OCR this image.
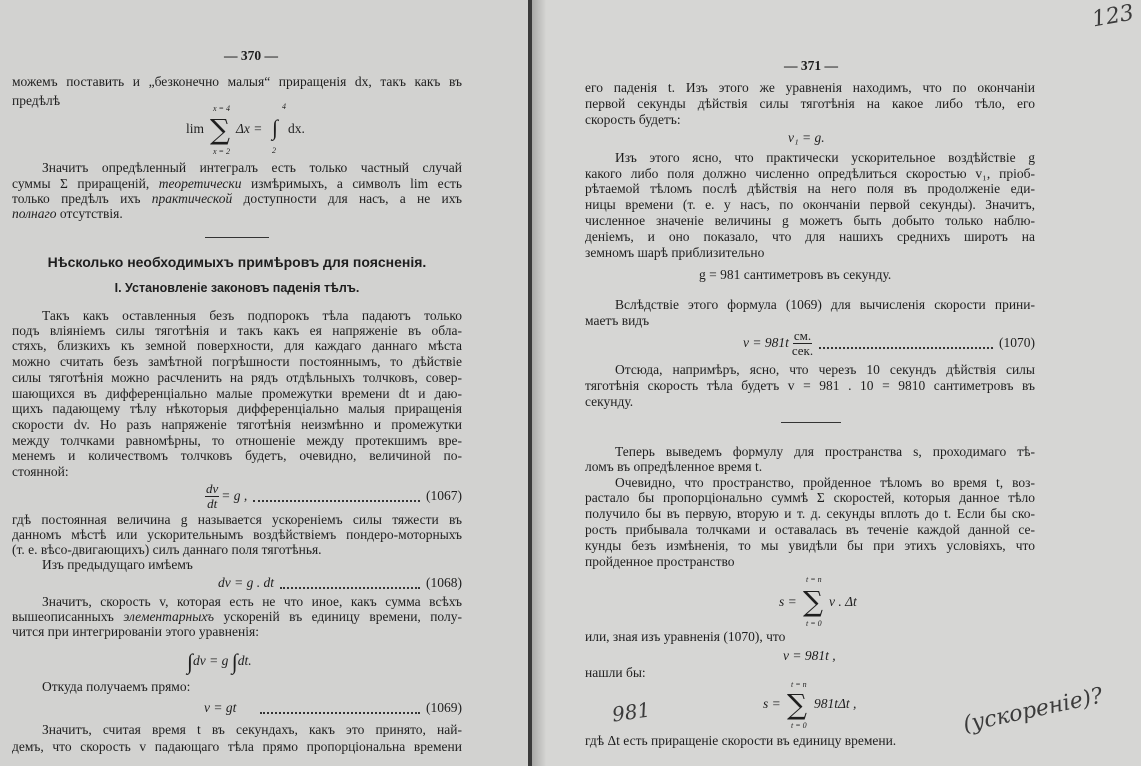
— 370 —
можемъ поставить и „безконечно малыя“ приращенія dx, такъ какъ въ
предѣлѣ
lim
x = 4
∑
x = 2
Δx =
4
∫
2
dx.
Значитъ опредѣленный интегралъ есть только частный случай
суммы Σ приращеній, теоретически измѣримыхъ, а символъ lim есть
только предѣлъ ихъ практической доступности для насъ, а не ихъ
полнаго отсутствія.
Нѣсколько необходимыхъ примѣровъ для поясненія.
I. Установленіе законовъ паденія тѣлъ.
Такъ какъ оставленныя безъ подпорокъ тѣла падаютъ только
подъ вліяніемъ силы тяготѣнія и такъ какъ ея напряженіе въ обла-
стяхъ, близкихъ къ земной поверхности, для каждаго даннаго мѣста
можно считать безъ замѣтной погрѣшности постояннымъ, то дѣйствіе
силы тяготѣнія можно расчленить на рядъ отдѣльныхъ толчковъ, совер-
шающихся въ дифференціально малые промежутки времени dt и даю-
щихъ падающему тѣлу нѣкоторыя дифференціально малыя приращенія
скорости dv. Но разъ напряженіе тяготѣнія неизмѣнно и промежутки
между толчками равномѣрны, то отношеніе между протекшимъ вре-
менемъ и количествомъ толчковъ будетъ, очевидно, величиной по-
стоянной:
$\frac{dv}{dt} = g$ ,	(1067)
гдѣ постоянная величина g называется ускореніемъ силы тяжести въ
данномъ мѣстѣ или ускорительнымъ воздѣйствіемъ пондеро-моторныхъ
(т. е. вѣсо-двигающихъ) силъ даннаго поля тяготѣнья.
Изъ предыдущаго имѣемъ
dv = g . dt	(1068)
Значитъ, скорость v, которая есть не что иное, какъ сумма всѣхъ
вышеописанныхъ элементарныхъ ускореній въ единицу времени, полу-
чится при интегрированіи этого уравненія:
∫dv = g ∫dt.
Откуда получаемъ прямо:
v = gt	(1069)
Значитъ, считая время t въ секундахъ, какъ это принято, най-
демъ, что скорость v падающаго тѣла прямо пропорціональна времени
— 371 —
его паденія t. Изъ этого же уравненія находимъ, что по окончаніи
первой секунды дѣйствія силы тяготѣнія на какое либо тѣло, его
скорость будетъ:
v₁ = g.
Изъ этого ясно, что практически ускорительное воздѣйствіе g
какого либо поля должно численно опредѣлиться скоростью v₁, пріоб-
рѣтаемой тѣломъ послѣ дѣйствія на него поля въ продолженіе еди-
ницы времени (т. е. у насъ, по окончаніи первой секунды). Значитъ,
численное значеніе величины g можетъ быть добыто только наблю-
деніемъ, и оно показало, что для нашихъ среднихъ широтъ на
земномъ шарѣ приблизительно
g = 981 сантиметровъ въ секунду.
Вслѣдствіе этого формула (1069) для вычисленія скорости прини-
маетъ видъ
$v = 981t \frac{см.}{\text{сек.}}$	(1070)
Отсюда, напримѣръ, ясно, что черезъ 10 секундъ дѣйствія силы
тяготѣнія скорость тѣла будетъ v = 981 . 10 = 9810 сантиметровъ въ
секунду.
Теперь выведемъ формулу для пространства s, проходимаго тѣ-
ломъ въ опредѣленное время t.
Очевидно, что пространство, пройденное тѣломъ во время t, воз-
растало бы пропорціонально суммѣ Σ скоростей, которыя данное тѣло
получило бы въ первую, вторую и т. д. секунды вплоть до t. Если бы ско-
рость прибывала толчками и оставалась въ теченіе каждой данной се-
кунды безъ измѣненія, то мы увидѣли бы при этихъ условіяхъ, что
пройденное пространство
s =
t = n
∑
t = 0
v . Δt
или, зная изъ уравненія (1070), что
v = 981t ,
нашли бы:
s =
t = n
∑
t = 0
981tΔt ,
гдѣ Δt есть приращеніе скорости въ единицу времени.
123
981	(ускореніе)?
